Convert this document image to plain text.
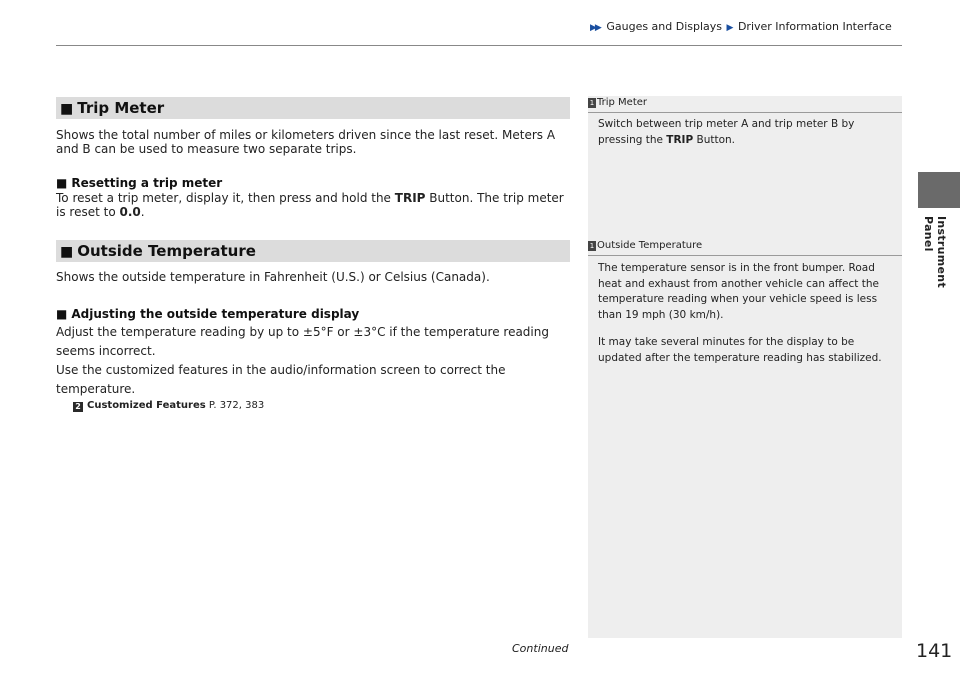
▶▶ Gauges and Displays ▶ Driver Information Interface
Instrument Panel
■ Trip Meter
Shows the total number of miles or kilometers driven since the last reset. Meters A and B can be used to measure two separate trips.
■ Resetting a trip meter
To reset a trip meter, display it, then press and hold the TRIP Button. The trip meter is reset to 0.0.
■ Outside Temperature
Shows the outside temperature in Fahrenheit (U.S.) or Celsius (Canada).
■ Adjusting the outside temperature display
Adjust the temperature reading by up to ±5°F or ±3°C if the temperature reading seems incorrect.
Use the customized features in the audio/information screen to correct the temperature.
2 Customized Features P. 372, 383
1 Trip Meter
Switch between trip meter A and trip meter B by pressing the TRIP Button.
1 Outside Temperature
The temperature sensor is in the front bumper. Road heat and exhaust from another vehicle can affect the temperature reading when your vehicle speed is less than 19 mph (30 km/h).
It may take several minutes for the display to be updated after the temperature reading has stabilized.
Continued	141
